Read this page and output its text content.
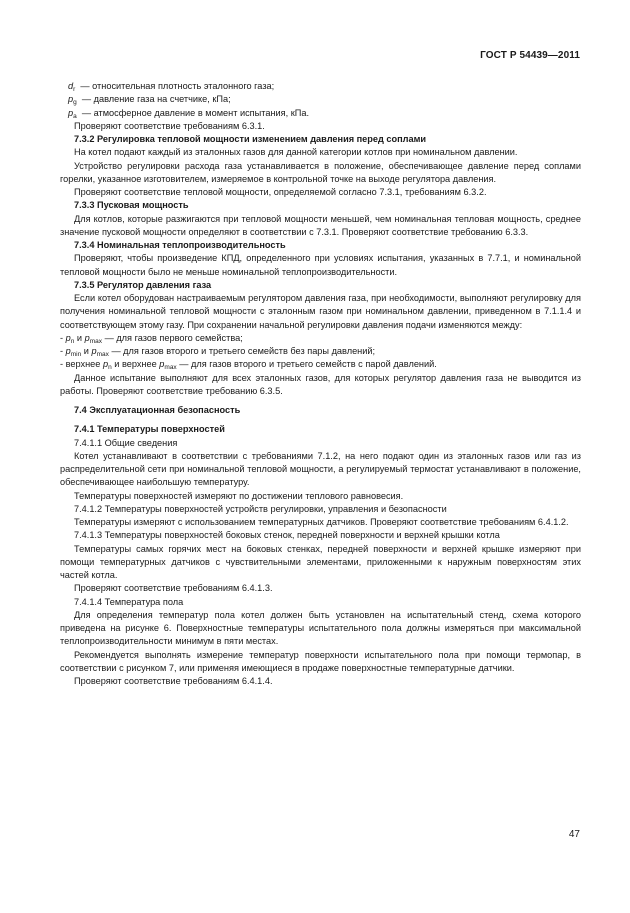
ГОСТ Р 54439—2011

$d_r$ — относительная плотность эталонного газа;

$p_g$ — давление газа на счетчике, кПа;

$p_a$ — атмосферное давление в момент испытания, кПа.

Проверяют соответствие требованиям 6.3.1.

7.3.2 Регулировка тепловой мощности изменением давления перед соплами

На котел подают каждый из эталонных газов для данной категории котлов при номинальном давлении.

Устройство регулировки расхода газа устанавливается в положение, обеспечивающее давление перед соплами горелки, указанное изготовителем, измеряемое в контрольной точке на выходе регулятора давления.

Проверяют соответствие тепловой мощности, определяемой согласно 7.3.1, требованиям 6.3.2.

7.3.3 Пусковая мощность

Для котлов, которые разжигаются при тепловой мощности меньшей, чем номинальная тепловая мощность, среднее значение пусковой мощности определяют в соответствии с 7.3.1. Проверяют соответствие требованию 6.3.3.

7.3.4 Номинальная теплопроизводительность

Проверяют, чтобы произведение КПД, определенного при условиях испытания, указанных в 7.7.1, и номинальной тепловой мощности было не меньше номинальной теплопроизводительности.

7.3.5 Регулятор давления газа

Если котел оборудован настраиваемым регулятором давления газа, при необходимости, выполняют регулировку для получения номинальной тепловой мощности с эталонным газом при номинальном давлении, приведенном в 7.1.1.4 и соответствующем этому газу. При сохранении начальной регулировки давления подачи изменяются между:

- $p_n$ и $p_{max}$ — для газов первого семейства;

- $p_{min}$ и $p_{max}$ — для газов второго и третьего семейств без пары давлений;

- верхнее $p_n$ и верхнее $p_{max}$ — для газов второго и третьего семейств с парой давлений.

Данное испытание выполняют для всех эталонных газов, для которых регулятор давления газа не выводится из работы. Проверяют соответствие требованию 6.3.5.

7.4 Эксплуатационная безопасность

7.4.1 Температуры поверхностей

7.4.1.1 Общие сведения

Котел устанавливают в соответствии с требованиями 7.1.2, на него подают один из эталонных газов или газ из распределительной сети при номинальной тепловой мощности, а регулируемый термостат устанавливают в положение, обеспечивающее наибольшую температуру.

Температуры поверхностей измеряют по достижении теплового равновесия.

7.4.1.2 Температуры поверхностей устройств регулировки, управления и безопасности

Температуры измеряют с использованием температурных датчиков. Проверяют соответствие требованиям 6.4.1.2.

7.4.1.3 Температуры поверхностей боковых стенок, передней поверхности и верхней крышки котла

Температуры самых горячих мест на боковых стенках, передней поверхности и верхней крышке измеряют при помощи температурных датчиков с чувствительными элементами, приложенными к наружным поверхностям этих частей котла.

Проверяют соответствие требованиям 6.4.1.3.

7.4.1.4 Температура пола

Для определения температур пола котел должен быть установлен на испытательный стенд, схема которого приведена на рисунке 6. Поверхностные температуры испытательного пола должны измеряться при максимальной теплопроизводительности минимум в пяти местах.

Рекомендуется выполнять измерение температур поверхности испытательного пола при помощи термопар, в соответствии с рисунком 7, или применяя имеющиеся в продаже поверхностные температурные датчики.

Проверяют соответствие требованиям 6.4.1.4.

47
